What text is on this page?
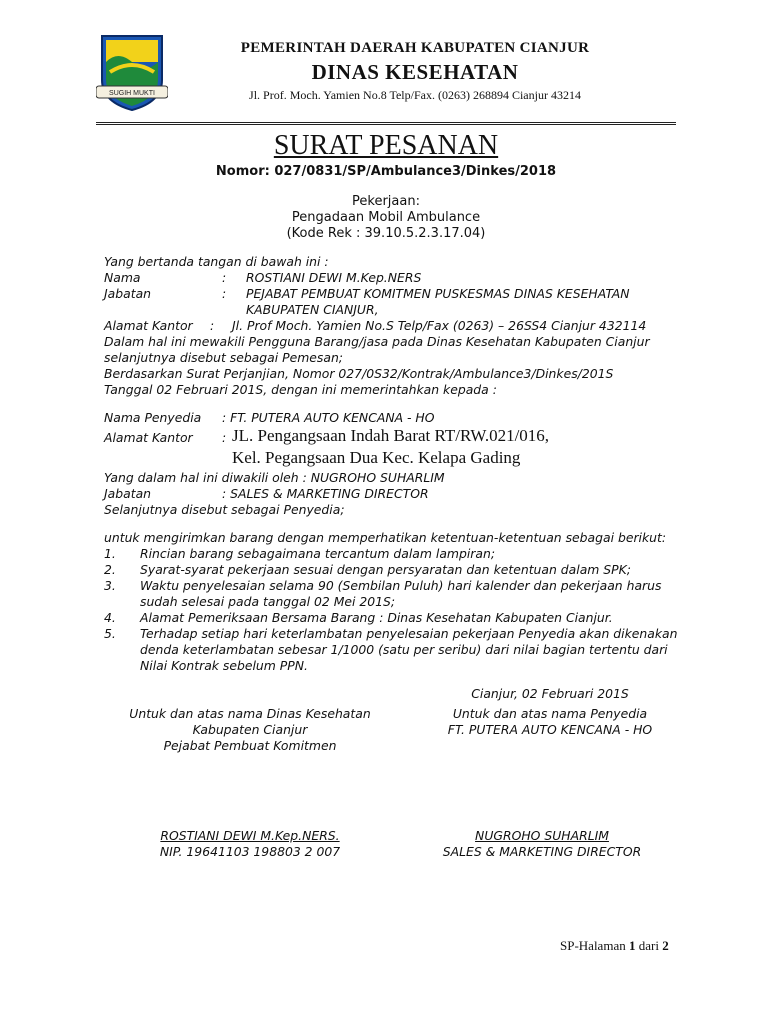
SUGIH MUKTI
PEMERINTAH DAERAH KABUPATEN CIANJUR
DINAS KESEHATAN
Jl. Prof. Moch. Yamien No.8 Telp/Fax. (0263) 268894 Cianjur 43214
SURAT PESANAN
Nomor: 027/0831/SP/Ambulance3/Dinkes/2018
Pekerjaan:
Pengadaan Mobil Ambulance
(Kode Rek : 39.10.5.2.3.17.04)
Yang bertanda tangan di bawah ini :
Nama	: ROSTIANI DEWI M.Kep.NERS
Jabatan	: PEJABAT PEMBUAT KOMITMEN PUSKESMAS DINAS KESEHATAN
KABUPATEN CIANJUR,
Alamat Kantor : Jl. Prof Moch. Yamien No.S Telp/Fax (0263) – 26SS4 Cianjur 432114
Dalam hal ini mewakili Pengguna Barang/jasa pada Dinas Kesehatan Kabupaten Cianjur
selanjutnya disebut sebagai Pemesan;
Berdasarkan Surat Perjanjian, Nomor 027/0S32/Kontrak/Ambulance3/Dinkes/201S
Tanggal 02 Februari 201S, dengan ini memerintahkan kepada :
Nama Penyedia : FT. PUTERA AUTO KENCANA - HO
Alamat Kantor : JL. Pengangsaan Indah Barat RT/RW.021/016,
Kel. Pegangsaan Dua Kec. Kelapa Gading
Yang dalam hal ini diwakili oleh : NUGROHO SUHARLIM
Jabatan	: SALES & MARKETING DIRECTOR
Selanjutnya disebut sebagai Penyedia;
untuk mengirimkan barang dengan memperhatikan ketentuan-ketentuan sebagai berikut:
1.	Rincian barang sebagaimana tercantum dalam lampiran;
2.	Syarat-syarat pekerjaan sesuai dengan persyaratan dan ketentuan dalam SPK;
3.	Waktu penyelesaian selama 90 (Sembilan Puluh) hari kalender dan pekerjaan harus
sudah selesai pada tanggal 02 Mei 201S;
4.	Alamat Pemeriksaan Bersama Barang : Dinas Kesehatan Kabupaten Cianjur.
5.	Terhadap setiap hari keterlambatan penyelesaian pekerjaan Penyedia akan dikenakan
denda keterlambatan sebesar 1/1000 (satu per seribu) dari nilai bagian tertentu dari
Nilai Kontrak sebelum PPN.
Cianjur, 02 Februari 201S
Untuk dan atas nama Dinas Kesehatan
Kabupaten Cianjur
Pejabat Pembuat Komitmen
Untuk dan atas nama Penyedia
FT. PUTERA AUTO KENCANA - HO
ROSTIANI DEWI M.Kep.NERS.
NIP. 19641103 198803 2 007
NUGROHO SUHARLIM
SALES & MARKETING DIRECTOR
SP-Halaman 1 dari 2
